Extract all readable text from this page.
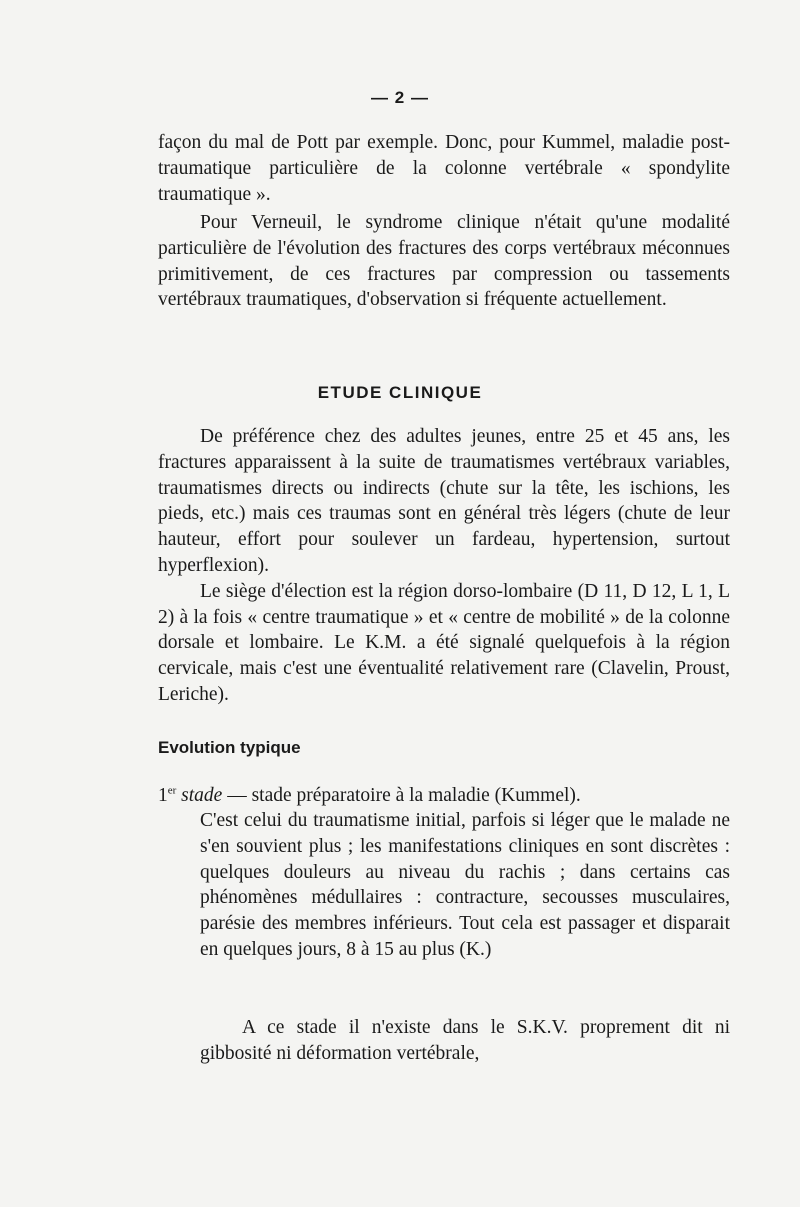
— 2 —

façon du mal de Pott par exemple. Donc, pour Kummel, maladie post-traumatique particulière de la colonne vertébrale « spondylite traumatique ».

Pour Verneuil, le syndrome clinique n'était qu'une modalité particulière de l'évolution des fractures des corps vertébraux méconnues primitivement, de ces fractures par compression ou tassements vertébraux traumatiques, d'observation si fréquente actuellement.

ETUDE CLINIQUE

De préférence chez des adultes jeunes, entre 25 et 45 ans, les fractures apparaissent à la suite de traumatismes vertébraux variables, traumatismes directs ou indirects (chute sur la tête, les ischions, les pieds, etc.) mais ces traumas sont en général très légers (chute de leur hauteur, effort pour soulever un fardeau, hypertension, surtout hyperflexion).

Le siège d'élection est la région dorso-lombaire (D 11, D 12, L 1, L 2) à la fois « centre traumatique » et « centre de mobilité » de la colonne dorsale et lombaire. Le K.M. a été signalé quelquefois à la région cervicale, mais c'est une éventualité relativement rare (Clavelin, Proust, Leriche).

Evolution typique

1er stade — stade préparatoire à la maladie (Kummel).

C'est celui du traumatisme initial, parfois si léger que le malade ne s'en souvient plus ; les manifestations cliniques en sont discrètes : quelques douleurs au niveau du rachis ; dans certains cas phénomènes médullaires : contracture, secousses musculaires, parésie des membres inférieurs. Tout cela est passager et disparait en quelques jours, 8 à 15 au plus (K.)

A ce stade il n'existe dans le S.K.V. proprement dit ni gibbosité ni déformation vertébrale,
